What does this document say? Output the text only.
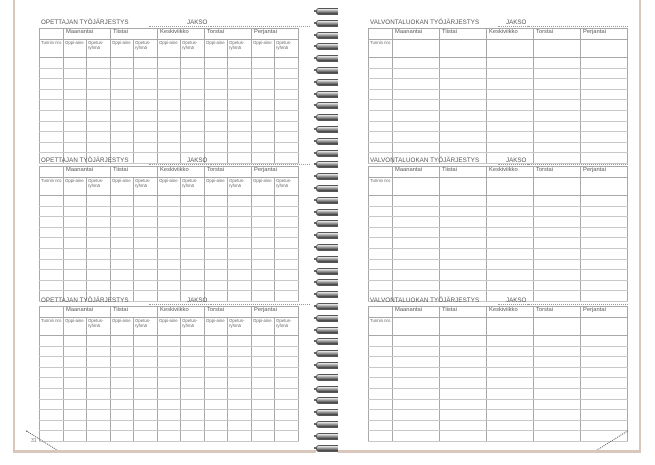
OPETTAJAN TYÖJÄRJESTYS	JAKSO
	Maanantai		Tiistai		Keskiviikko		Torstai		Perjantai	
Tunnin nro	Oppi-aine	Opetus-ryhmä	Oppi-aine	Opetus-ryhmä	Oppi-aine	Opetus-ryhmä	Oppi-aine	Opetus-ryhmä	Oppi-aine	Opetus-ryhmä

OPETTAJAN TYÖJÄRJESTYS	JAKSO
	Maanantai		Tiistai		Keskiviikko		Torstai		Perjantai	
Tunnin nro	Oppi-aine	Opetus-ryhmä	Oppi-aine	Opetus-ryhmä	Oppi-aine	Opetus-ryhmä	Oppi-aine	Opetus-ryhmä	Oppi-aine	Opetus-ryhmä

OPETTAJAN TYÖJÄRJESTYS	JAKSO
	Maanantai		Tiistai		Keskiviikko		Torstai		Perjantai	
Tunnin nro	Oppi-aine	Opetus-ryhmä	Oppi-aine	Opetus-ryhmä	Oppi-aine	Opetus-ryhmä	Oppi-aine	Opetus-ryhmä	Oppi-aine	Opetus-ryhmä

31
VALVONTALUOKAN TYÖJÄRJESTYS	JAKSO
	Maanantai	Tiistai	Keskiviikko	Torstai	Perjantai
Tunnin nro					

VALVONTALUOKAN TYÖJÄRJESTYS	JAKSO
	Maanantai	Tiistai	Keskiviikko	Torstai	Perjantai
Tunnin nro					

VALVONTALUOKAN TYÖJÄRJESTYS	JAKSO
	Maanantai	Tiistai	Keskiviikko	Torstai	Perjantai
Tunnin nro					
